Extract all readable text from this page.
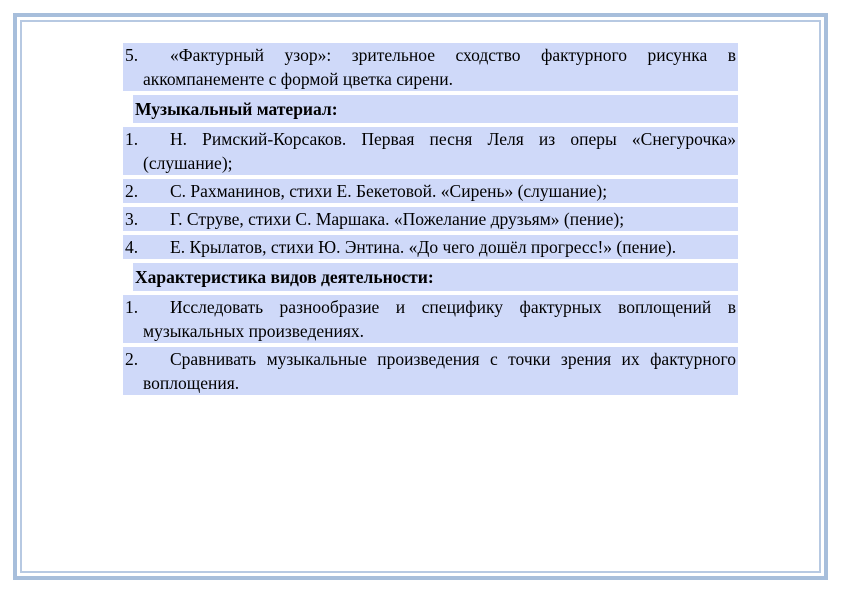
5. «Фактурный узор»: зрительное сходство фактурного рисунка в аккомпанементе с формой цветка сирени.
Музыкальный материал:
1. Н. Римский-Корсаков. Первая песня Леля из оперы «Снегурочка» (слушание);
2. С. Рахманинов, стихи Е. Бекетовой. «Сирень» (слушание);
3. Г. Струве, стихи С. Маршака. «Пожелание друзьям» (пение);
4. Е. Крылатов, стихи Ю. Энтина. «До чего дошёл прогресс!» (пение).
Характеристика видов деятельности:
1. Исследовать разнообразие и специфику фактурных воплощений в музыкальных произведениях.
2. Сравнивать музыкальные произведения с точки зрения их фактурного воплощения.
